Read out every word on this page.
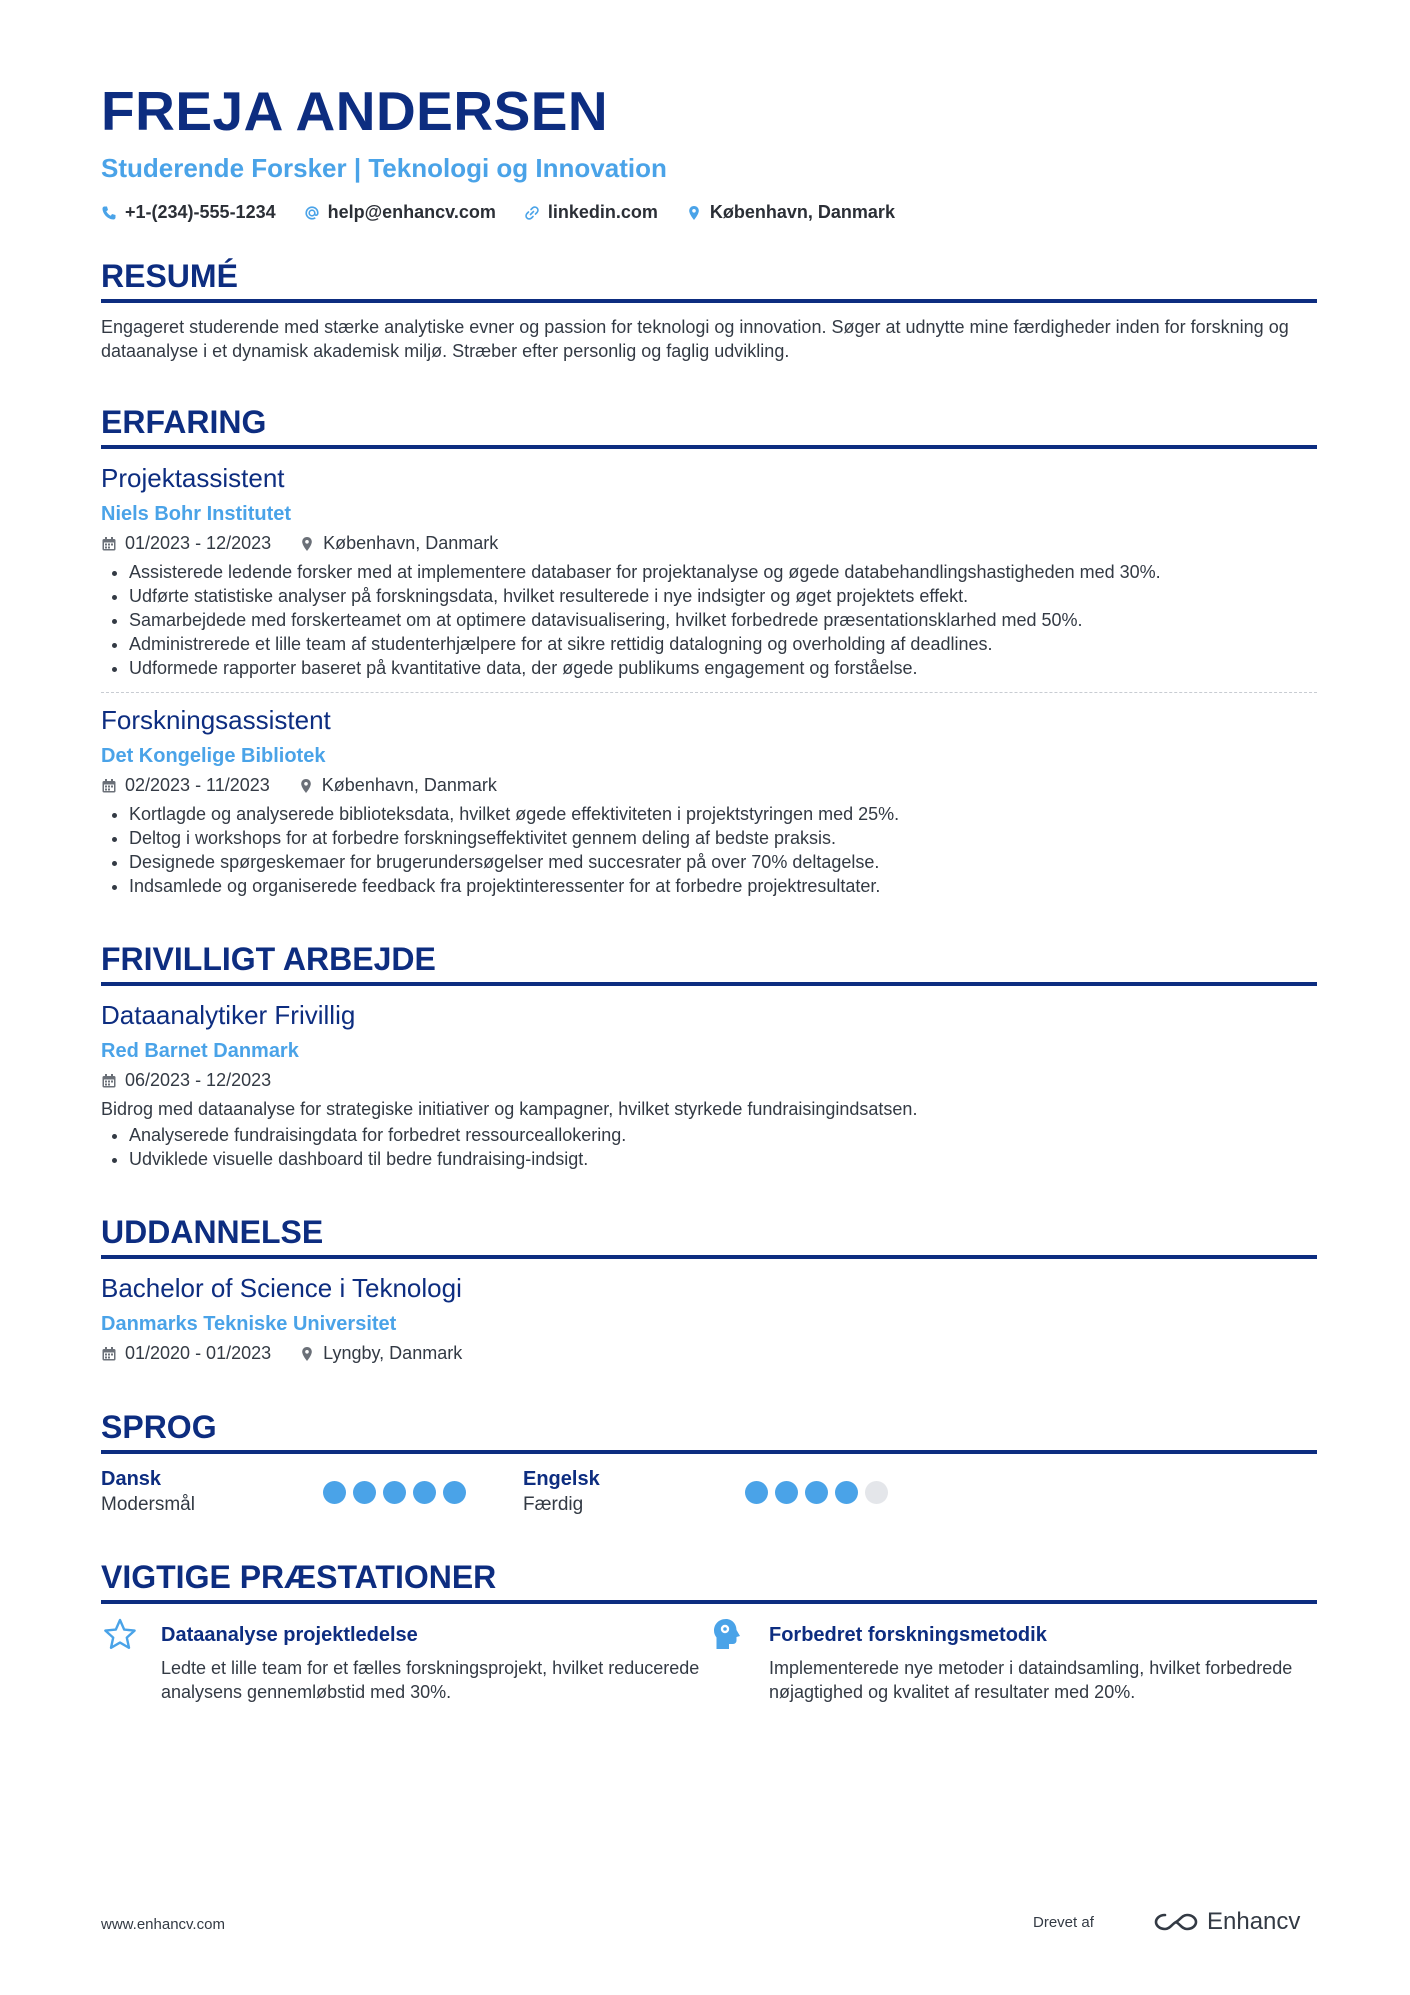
FREJA ANDERSEN
Studerende Forsker | Teknologi og Innovation
+1-(234)-555-1234	help@enhancv.com	linkedin.com	København, Danmark
RESUMÉ
Engageret studerende med stærke analytiske evner og passion for teknologi og innovation. Søger at udnytte mine færdigheder inden for forskning og dataanalyse i et dynamisk akademisk miljø. Stræber efter personlig og faglig udvikling.
ERFARING
Projektassistent
Niels Bohr Institutet
01/2023 - 12/2023	København, Danmark
• Assisterede ledende forsker med at implementere databaser for projektanalyse og øgede databehandlingshastigheden med 30%.
• Udførte statistiske analyser på forskningsdata, hvilket resulterede i nye indsigter og øget projektets effekt.
• Samarbejdede med forskerteamet om at optimere datavisualisering, hvilket forbedrede præsentationsklarhed med 50%.
• Administrerede et lille team af studenterhjælpere for at sikre rettidig datalogning og overholding af deadlines.
• Udformede rapporter baseret på kvantitative data, der øgede publikums engagement og forståelse.
Forskningsassistent
Det Kongelige Bibliotek
02/2023 - 11/2023	København, Danmark
• Kortlagde og analyserede biblioteksdata, hvilket øgede effektiviteten i projektstyringen med 25%.
• Deltog i workshops for at forbedre forskningseffektivitet gennem deling af bedste praksis.
• Designede spørgeskemaer for brugerundersøgelser med succesrater på over 70% deltagelse.
• Indsamlede og organiserede feedback fra projektinteressenter for at forbedre projektresultater.
FRIVILLIGT ARBEJDE
Dataanalytiker Frivillig
Red Barnet Danmark
06/2023 - 12/2023
Bidrog med dataanalyse for strategiske initiativer og kampagner, hvilket styrkede fundraisingindsatsen.
• Analyserede fundraisingdata for forbedret ressourceallokering.
• Udviklede visuelle dashboard til bedre fundraising-indsigt.
UDDANNELSE
Bachelor of Science i Teknologi
Danmarks Tekniske Universitet
01/2020 - 01/2023	Lyngby, Danmark
SPROG
Dansk
Modersmål
Engelsk
Færdig
VIGTIGE PRÆSTATIONER
Dataanalyse projektledelse
Ledte et lille team for et fælles forskningsprojekt, hvilket reducerede analysens gennemløbstid med 30%.
Forbedret forskningsmetodik
Implementerede nye metoder i dataindsamling, hvilket forbedrede nøjagtighed og kvalitet af resultater med 20%.
www.enhancv.com	Drevet af	Enhancv
